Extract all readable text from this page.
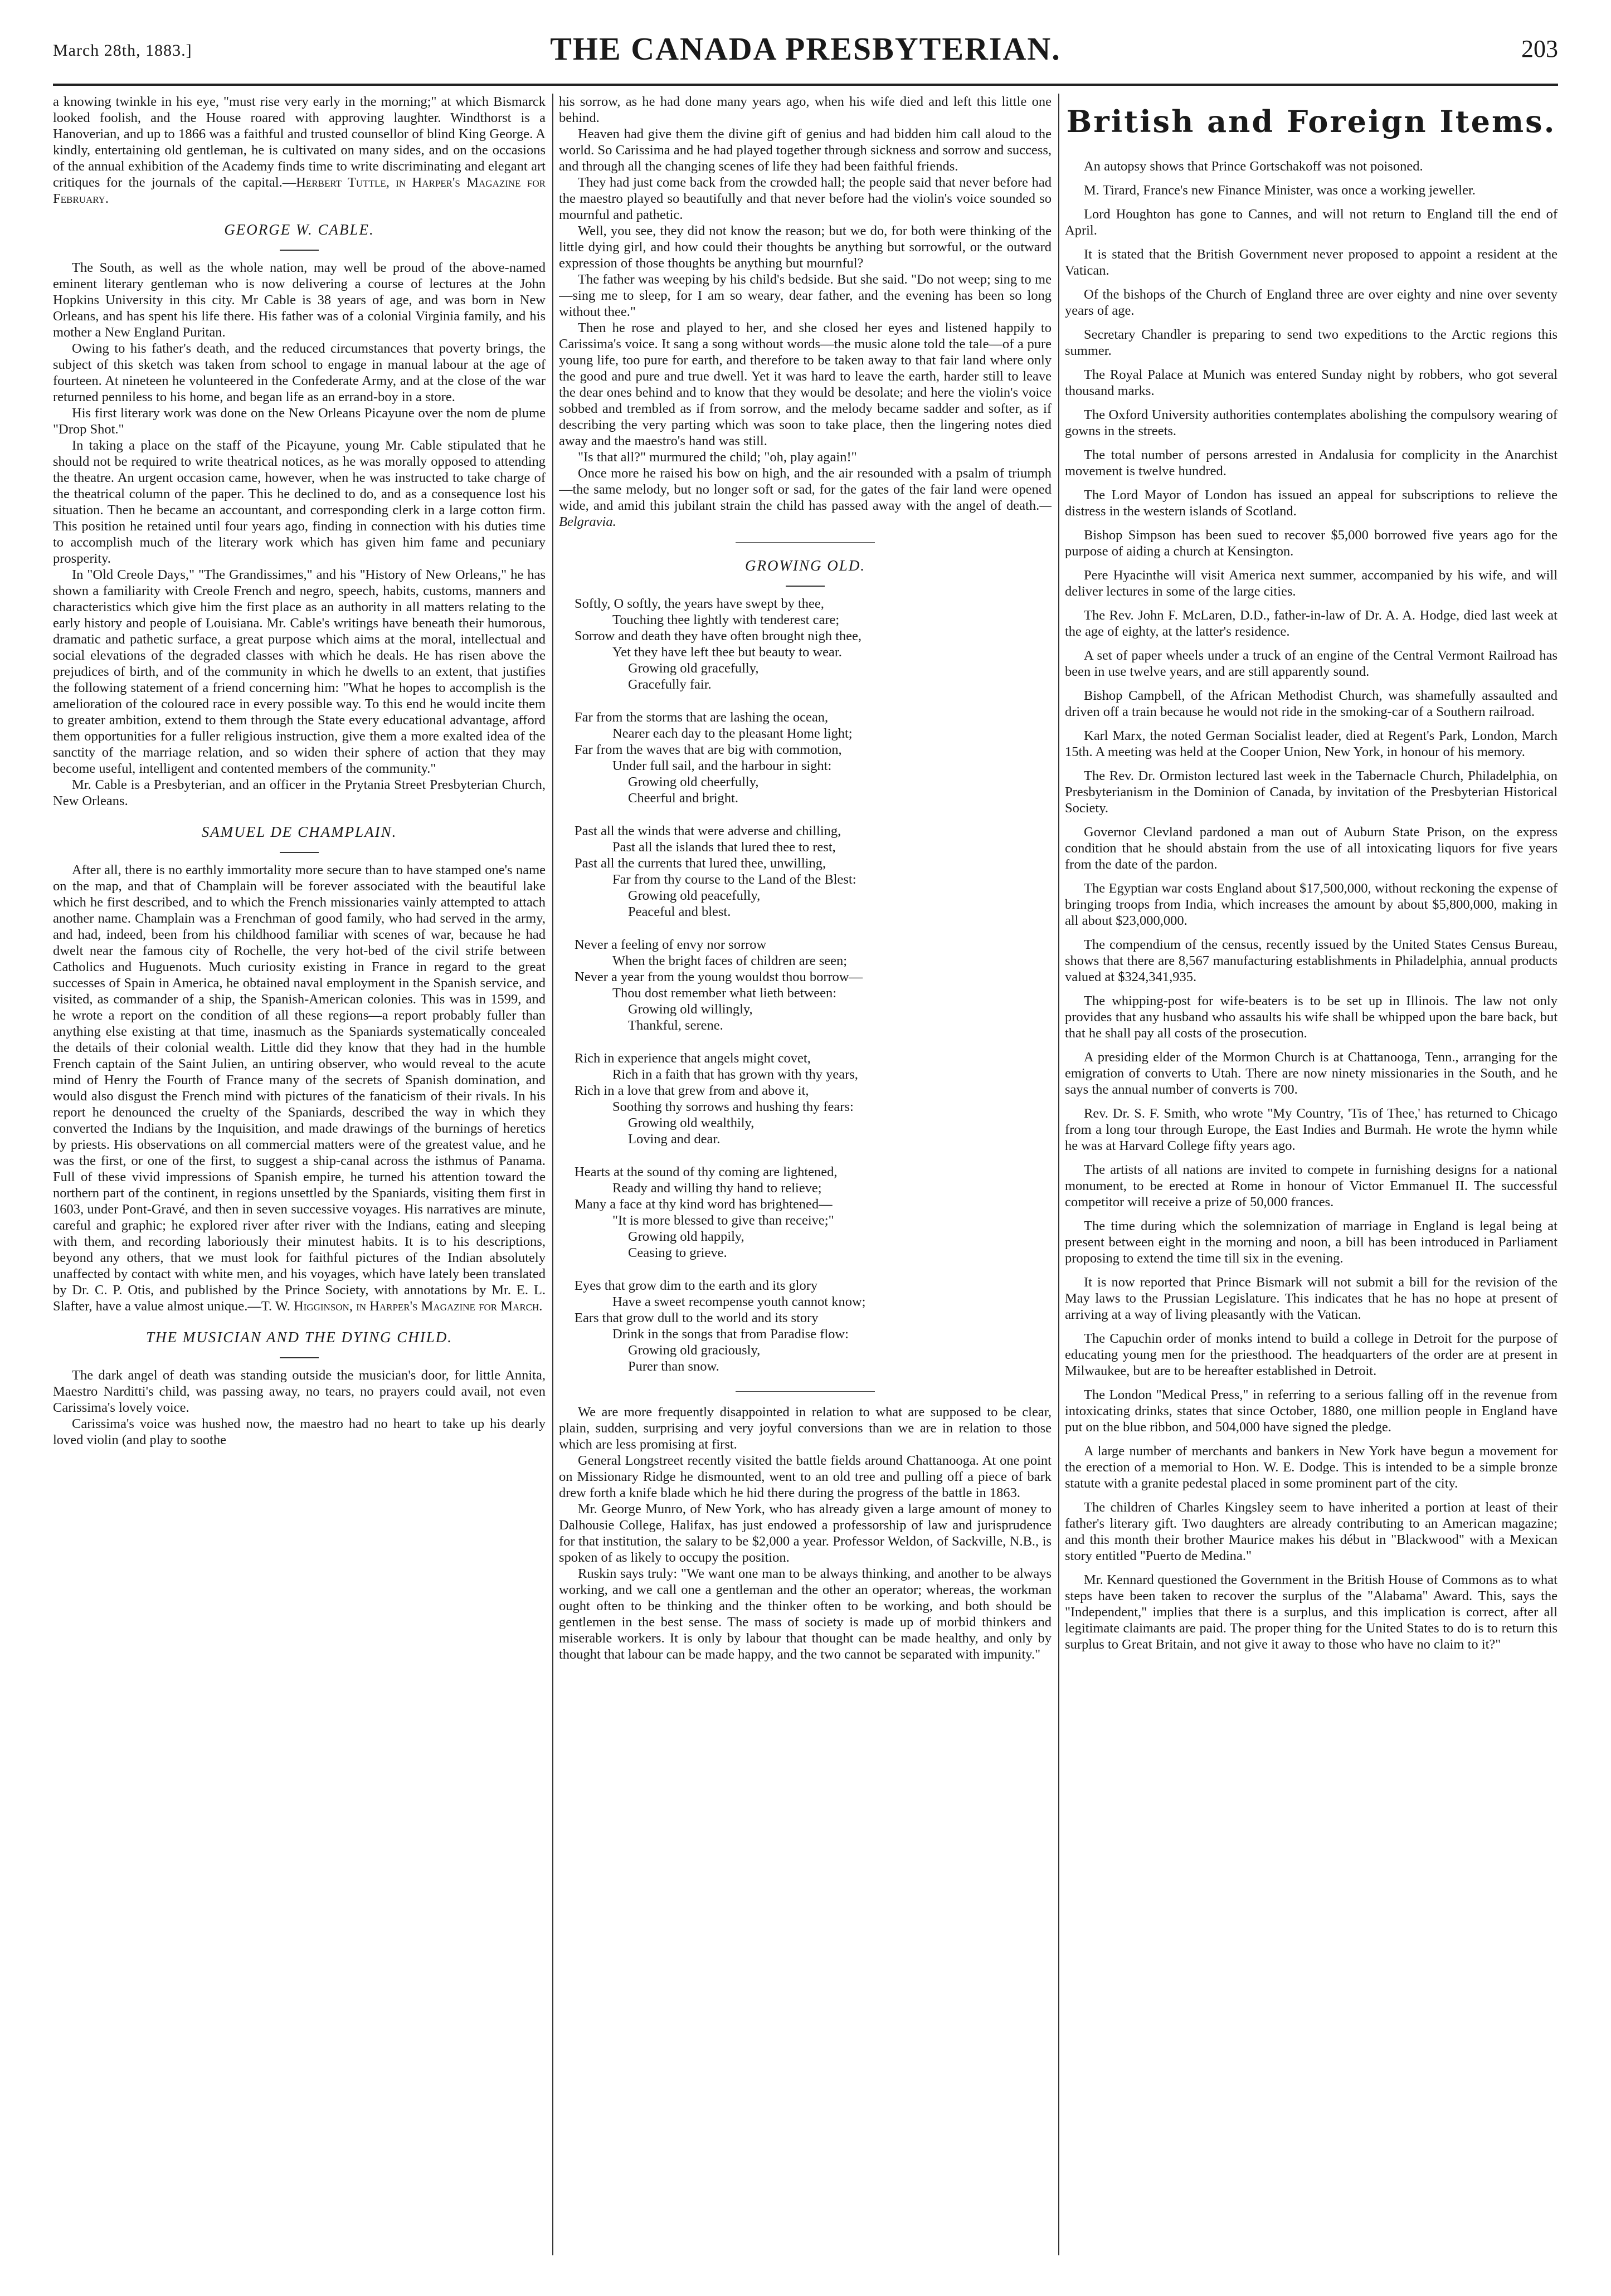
March 28th, 1883.]	THE CANADA PRESBYTERIAN.	203

a knowing twinkle in his eye, "must rise very early in the morning;" at which Bismarck looked foolish, and the House roared with approving laughter. Windthorst is a Hanoverian, and up to 1866 was a faithful and trusted counsellor of blind King George. A kindly, entertaining old gentleman, he is cultivated on many sides, and on the occasions of the annual exhibition of the Academy finds time to write discriminating and elegant art critiques for the journals of the capital.—Herbert Tuttle, in Harper's Magazine for February.

GEORGE W. CABLE.

The South, as well as the whole nation, may well be proud of the above-named eminent literary gentleman who is now delivering a course of lectures at the John Hopkins University in this city. Mr Cable is 38 years of age, and was born in New Orleans, and has spent his life there. His father was of a colonial Virginia family, and his mother a New England Puritan.

Owing to his father's death, and the reduced circumstances that poverty brings, the subject of this sketch was taken from school to engage in manual labour at the age of fourteen. At nineteen he volunteered in the Confederate Army, and at the close of the war returned penniless to his home, and began life as an errand-boy in a store.

His first literary work was done on the New Orleans Picayune over the nom de plume "Drop Shot."

In taking a place on the staff of the Picayune, young Mr. Cable stipulated that he should not be required to write theatrical notices, as he was morally opposed to attending the theatre. An urgent occasion came, however, when he was instructed to take charge of the theatrical column of the paper. This he declined to do, and as a consequence lost his situation. Then he became an accountant, and corresponding clerk in a large cotton firm. This position he retained until four years ago, finding in connection with his duties time to accomplish much of the literary work which has given him fame and pecuniary prosperity.

In "Old Creole Days," "The Grandissimes," and his "History of New Orleans," he has shown a familiarity with Creole French and negro, speech, habits, customs, manners and characteristics which give him the first place as an authority in all matters relating to the early history and people of Louisiana. Mr. Cable's writings have beneath their humorous, dramatic and pathetic surface, a great purpose which aims at the moral, intellectual and social elevations of the degraded classes with which he deals. He has risen above the prejudices of birth, and of the community in which he dwells to an extent, that justifies the following statement of a friend concerning him: "What he hopes to accomplish is the amelioration of the coloured race in every possible way. To this end he would incite them to greater ambition, extend to them through the State every educational advantage, afford them opportunities for a fuller religious instruction, give them a more exalted idea of the sanctity of the marriage relation, and so widen their sphere of action that they may become useful, intelligent and contented members of the community."

Mr. Cable is a Presbyterian, and an officer in the Prytania Street Presbyterian Church, New Orleans.

SAMUEL DE CHAMPLAIN.

After all, there is no earthly immortality more secure than to have stamped one's name on the map, and that of Champlain will be forever associated with the beautiful lake which he first described, and to which the French missionaries vainly attempted to attach another name. Champlain was a Frenchman of good family, who had served in the army, and had, indeed, been from his childhood familiar with scenes of war, because he had dwelt near the famous city of Rochelle, the very hot-bed of the civil strife between Catholics and Huguenots. Much curiosity existing in France in regard to the great successes of Spain in America, he obtained naval employment in the Spanish service, and visited, as commander of a ship, the Spanish-American colonies. This was in 1599, and he wrote a report on the condition of all these regions—a report probably fuller than anything else existing at that time, inasmuch as the Spaniards systematically concealed the details of their colonial wealth. Little did they know that they had in the humble French captain of the Saint Julien, an untiring observer, who would reveal to the acute mind of Henry the Fourth of France many of the secrets of Spanish domination, and would also disgust the French mind with pictures of the fanaticism of their rivals. In his report he denounced the cruelty of the Spaniards, described the way in which they converted the Indians by the Inquisition, and made drawings of the burnings of heretics by priests. His observations on all commercial matters were of the greatest value, and he was the first, or one of the first, to suggest a ship-canal across the isthmus of Panama. Full of these vivid impressions of Spanish empire, he turned his attention toward the northern part of the continent, in regions unsettled by the Spaniards, visiting them first in 1603, under Pont-Gravé, and then in seven successive voyages. His narratives are minute, careful and graphic; he explored river after river with the Indians, eating and sleeping with them, and recording laboriously their minutest habits. It is to his descriptions, beyond any others, that we must look for faithful pictures of the Indian absolutely unaffected by contact with white men, and his voyages, which have lately been translated by Dr. C. P. Otis, and published by the Prince Society, with annotations by Mr. E. L. Slafter, have a value almost unique.—T. W. Higginson, in Harper's Magazine for March.

THE MUSICIAN AND THE DYING CHILD.

The dark angel of death was standing outside the musician's door, for little Annita, Maestro Narditti's child, was passing away, no tears, no prayers could avail, not even Carissima's lovely voice.

Carissima's voice was hushed now, the maestro had no heart to take up his dearly loved violin (and play to soothe

his sorrow, as he had done many years ago, when his wife died and left this little one behind.

Heaven had give them the divine gift of genius and had bidden him call aloud to the world. So Carissima and he had played together through sickness and sorrow and success, and through all the changing scenes of life they had been faithful friends.

They had just come back from the crowded hall; the people said that never before had the maestro played so beautifully and that never before had the violin's voice sounded so mournful and pathetic.

Well, you see, they did not know the reason; but we do, for both were thinking of the little dying girl, and how could their thoughts be anything but sorrowful, or the outward expression of those thoughts be anything but mournful?

The father was weeping by his child's bedside. But she said. "Do not weep; sing to me—sing me to sleep, for I am so weary, dear father, and the evening has been so long without thee."

Then he rose and played to her, and she closed her eyes and listened happily to Carissima's voice. It sang a song without words—the music alone told the tale—of a pure young life, too pure for earth, and therefore to be taken away to that fair land where only the good and pure and true dwell. Yet it was hard to leave the earth, harder still to leave the dear ones behind and to know that they would be desolate; and here the violin's voice sobbed and trembled as if from sorrow, and the melody became sadder and softer, as if describing the very parting which was soon to take place, then the lingering notes died away and the maestro's hand was still.

"Is that all?" murmured the child; "oh, play again!"

Once more he raised his bow on high, and the air resounded with a psalm of triumph—the same melody, but no longer soft or sad, for the gates of the fair land were opened wide, and amid this jubilant strain the child has passed away with the angel of death.—Belgravia.

GROWING OLD.
Softly, O softly, the years have swept by thee,
Touching thee lightly with tenderest care;
Sorrow and death they have often brought nigh thee,
Yet they have left thee but beauty to wear.
Growing old gracefully,
Gracefully fair.
Far from the storms that are lashing the ocean,
Nearer each day to the pleasant Home light;
Far from the waves that are big with commotion,
Under full sail, and the harbour in sight:
Growing old cheerfully,
Cheerful and bright.
Past all the winds that were adverse and chilling,
Past all the islands that lured thee to rest,
Past all the currents that lured thee, unwilling,
Far from thy course to the Land of the Blest:
Growing old peacefully,
Peaceful and blest.
Never a feeling of envy nor sorrow
When the bright faces of children are seen;
Never a year from the young wouldst thou borrow—
Thou dost remember what lieth between:
Growing old willingly,
Thankful, serene.
Rich in experience that angels might covet,
Rich in a faith that has grown with thy years,
Rich in a love that grew from and above it,
Soothing thy sorrows and hushing thy fears:
Growing old wealthily,
Loving and dear.
Hearts at the sound of thy coming are lightened,
Ready and willing thy hand to relieve;
Many a face at thy kind word has brightened—
"It is more blessed to give than receive;"
Growing old happily,
Ceasing to grieve.
Eyes that grow dim to the earth and its glory
Have a sweet recompense youth cannot know;
Ears that grow dull to the world and its story
Drink in the songs that from Paradise flow:
Growing old graciously,
Purer than snow.

We are more frequently disappointed in relation to what are supposed to be clear, plain, sudden, surprising and very joyful conversions than we are in relation to those which are less promising at first.

General Longstreet recently visited the battle fields around Chattanooga. At one point on Missionary Ridge he dismounted, went to an old tree and pulling off a piece of bark drew forth a knife blade which he hid there during the progress of the battle in 1863.

Mr. George Munro, of New York, who has already given a large amount of money to Dalhousie College, Halifax, has just endowed a professorship of law and jurisprudence for that institution, the salary to be $2,000 a year. Professor Weldon, of Sackville, N.B., is spoken of as likely to occupy the position.

Ruskin says truly: "We want one man to be always thinking, and another to be always working, and we call one a gentleman and the other an operator; whereas, the workman ought often to be thinking and the thinker often to be working, and both should be gentlemen in the best sense. The mass of society is made up of morbid thinkers and miserable workers. It is only by labour that thought can be made healthy, and only by thought that labour can be made happy, and the two cannot be separated with impunity."

British and Foreign Items.

An autopsy shows that Prince Gortschakoff was not poisoned.

M. Tirard, France's new Finance Minister, was once a working jeweller.

Lord Houghton has gone to Cannes, and will not return to England till the end of April.

It is stated that the British Government never proposed to appoint a resident at the Vatican.

Of the bishops of the Church of England three are over eighty and nine over seventy years of age.

Secretary Chandler is preparing to send two expeditions to the Arctic regions this summer.

The Royal Palace at Munich was entered Sunday night by robbers, who got several thousand marks.

The Oxford University authorities contemplates abolishing the compulsory wearing of gowns in the streets.

The total number of persons arrested in Andalusia for complicity in the Anarchist movement is twelve hundred.

The Lord Mayor of London has issued an appeal for subscriptions to relieve the distress in the western islands of Scotland.

Bishop Simpson has been sued to recover $5,000 borrowed five years ago for the purpose of aiding a church at Kensington.

Pere Hyacinthe will visit America next summer, accompanied by his wife, and will deliver lectures in some of the large cities.

The Rev. John F. McLaren, D.D., father-in-law of Dr. A. A. Hodge, died last week at the age of eighty, at the latter's residence.

A set of paper wheels under a truck of an engine of the Central Vermont Railroad has been in use twelve years, and are still apparently sound.

Bishop Campbell, of the African Methodist Church, was shamefully assaulted and driven off a train because he would not ride in the smoking-car of a Southern railroad.

Karl Marx, the noted German Socialist leader, died at Regent's Park, London, March 15th. A meeting was held at the Cooper Union, New York, in honour of his memory.

The Rev. Dr. Ormiston lectured last week in the Tabernacle Church, Philadelphia, on Presbyterianism in the Dominion of Canada, by invitation of the Presbyterian Historical Society.

Governor Clevland pardoned a man out of Auburn State Prison, on the express condition that he should abstain from the use of all intoxicating liquors for five years from the date of the pardon.

The Egyptian war costs England about $17,500,000, without reckoning the expense of bringing troops from India, which increases the amount by about $5,800,000, making in all about $23,000,000.

The compendium of the census, recently issued by the United States Census Bureau, shows that there are 8,567 manufacturing establishments in Philadelphia, annual products valued at $324,341,935.

The whipping-post for wife-beaters is to be set up in Illinois. The law not only provides that any husband who assaults his wife shall be whipped upon the bare back, but that he shall pay all costs of the prosecution.

A presiding elder of the Mormon Church is at Chattanooga, Tenn., arranging for the emigration of converts to Utah. There are now ninety missionaries in the South, and he says the annual number of converts is 700.

Rev. Dr. S. F. Smith, who wrote "My Country, 'Tis of Thee,' has returned to Chicago from a long tour through Europe, the East Indies and Burmah. He wrote the hymn while he was at Harvard College fifty years ago.

The artists of all nations are invited to compete in furnishing designs for a national monument, to be erected at Rome in honour of Victor Emmanuel II. The successful competitor will receive a prize of 50,000 frances.

The time during which the solemnization of marriage in England is legal being at present between eight in the morning and noon, a bill has been introduced in Parliament proposing to extend the time till six in the evening.

It is now reported that Prince Bismark will not submit a bill for the revision of the May laws to the Prussian Legislature. This indicates that he has no hope at present of arriving at a way of living pleasantly with the Vatican.

The Capuchin order of monks intend to build a college in Detroit for the purpose of educating young men for the priesthood. The headquarters of the order are at present in Milwaukee, but are to be hereafter established in Detroit.

The London "Medical Press," in referring to a serious falling off in the revenue from intoxicating drinks, states that since October, 1880, one million people in England have put on the blue ribbon, and 504,000 have signed the pledge.

A large number of merchants and bankers in New York have begun a movement for the erection of a memorial to Hon. W. E. Dodge. This is intended to be a simple bronze statute with a granite pedestal placed in some prominent part of the city.

The children of Charles Kingsley seem to have inherited a portion at least of their father's literary gift. Two daughters are already contributing to an American magazine; and this month their brother Maurice makes his début in "Blackwood" with a Mexican story entitled "Puerto de Medina."

Mr. Kennard questioned the Government in the British House of Commons as to what steps have been taken to recover the surplus of the "Alabama" Award. This, says the "Independent," implies that there is a surplus, and this implication is correct, after all legitimate claimants are paid. The proper thing for the United States to do is to return this surplus to Great Britain, and not give it away to those who have no claim to it?"
